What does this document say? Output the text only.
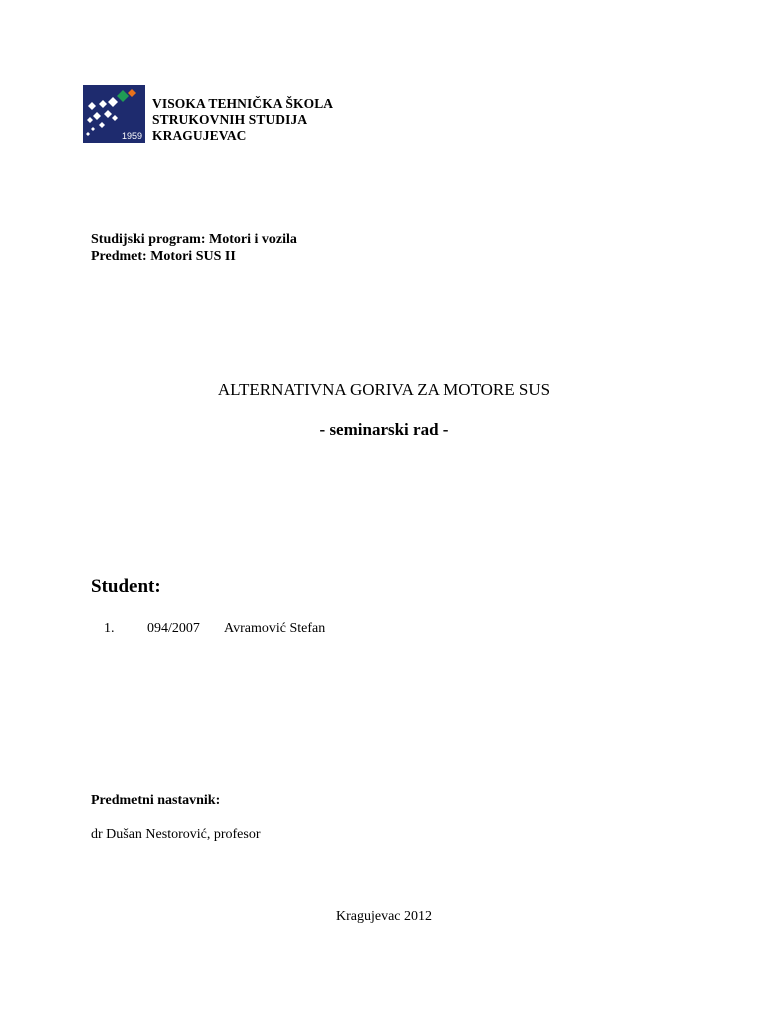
1959
VISOKA TEHNIČKA ŠKOLA
STRUKOVNIH STUDIJA
KRAGUJEVAC
Studijski program: Motori i vozila
Predmet: Motori SUS II
ALTERNATIVNA GORIVA ZA MOTORE SUS
- seminarski rad -
Student:
1. 094/2007 Avramović Stefan
Predmetni nastavnik:
dr Dušan Nestorović, profesor
Kragujevac 2012
